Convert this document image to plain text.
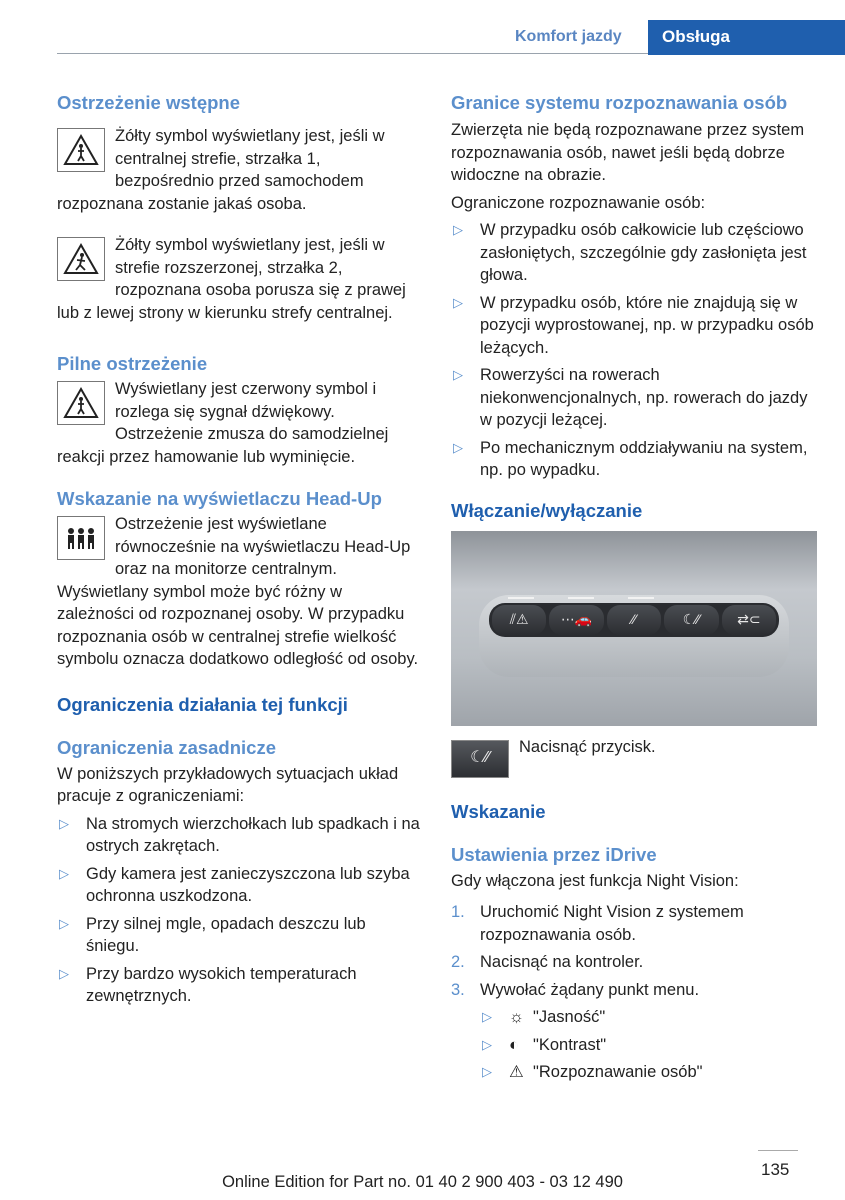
Komfort jazdy	Obsługa
Ostrzeżenie wstępne

Żółty symbol wyświetlany jest, jeśli w centralnej strefie, strzałka 1, bezpośrednio przed samochodem rozpoznana zostanie jakaś osoba.

Żółty symbol wyświetlany jest, jeśli w strefie rozszerzonej, strzałka 2, rozpoznana osoba porusza się z prawej lub z lewej strony w kierunku strefy centralnej.

Pilne ostrzeżenie

Wyświetlany jest czerwony symbol i rozlega się sygnał dźwiękowy. Ostrzeżenie zmusza do samodzielnej reakcji przez hamowanie lub wyminięcie.

Wskazanie na wyświetlaczu Head-Up

Ostrzeżenie jest wyświetlane równocześnie na wyświetlaczu Head-Up oraz na monitorze centralnym. Wyświetlany symbol może być różny w zależności od rozpoznanej osoby. W przypadku rozpoznania osób w centralnej strefie wielkość symbolu oznacza dodatkowo odległość od osoby.

Ograniczenia działania tej funkcji
Ograniczenia zasadnicze

W poniższych przykładowych sytuacjach układ pracuje z ograniczeniami:

▷ Na stromych wierzchołkach lub spadkach i na ostrych zakrętach.
▷ Gdy kamera jest zanieczyszczona lub szyba ochronna uszkodzona.
▷ Przy silnej mgle, opadach deszczu lub śniegu.
▷ Przy bardzo wysokich temperaturach zewnętrznych.
Granice systemu rozpoznawania osób

Zwierzęta nie będą rozpoznawane przez system rozpoznawania osób, nawet jeśli będą dobrze widoczne na obrazie.

Ograniczone rozpoznawanie osób:

▷ W przypadku osób całkowicie lub częściowo zasłoniętych, szczególnie gdy zasłonięta jest głowa.
▷ W przypadku osób, które nie znajdują się w pozycji wyprostowanej, np. w przypadku osób leżących.
▷ Rowerzyści na rowerach niekonwencjonalnych, np. rowerach do jazdy w pozycji leżącej.
▷ Po mechanicznym oddziaływaniu na system, np. po wypadku.
Włączanie/wyłączanie
⫽⚠	⋯🚗	⁄⁄	☾⁄⁄	⇄⊂
☾⁄⁄

Nacisnąć przycisk.

Wskazanie
Ustawienia przez iDrive

Gdy włączona jest funkcja Night Vision:

1. Uruchomić Night Vision z systemem rozpoznawania osób.
2. Nacisnąć na kontroler.
3. Wywołać żądany punkt menu.
▷ ☼ "Jasność"
▷ ◐ "Kontrast"
▷ ⚠ "Rozpoznawanie osób"
135
Online Edition for Part no. 01 40 2 900 403 - 03 12 490
